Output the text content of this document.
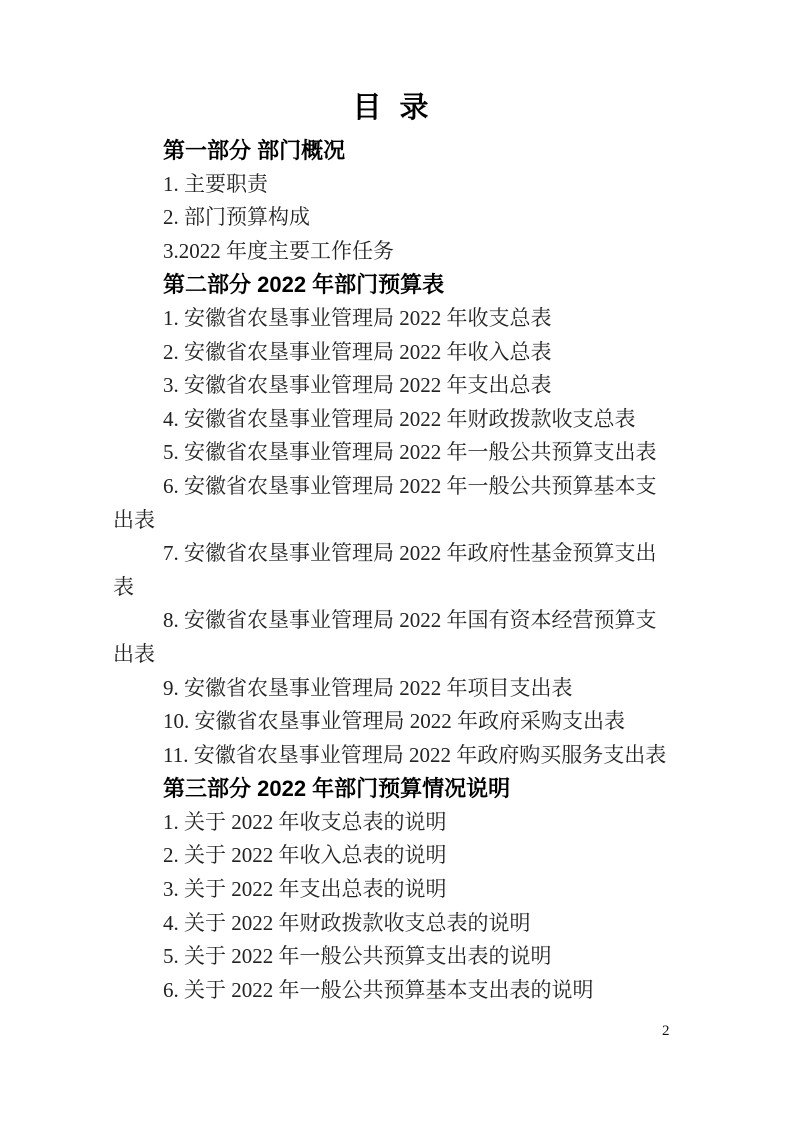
目 录

第一部分 部门概况

1. 主要职责

2. 部门预算构成

3.2022 年度主要工作任务

第二部分 2022 年部门预算表

1. 安徽省农垦事业管理局 2022 年收支总表

2. 安徽省农垦事业管理局 2022 年收入总表

3. 安徽省农垦事业管理局 2022 年支出总表

4. 安徽省农垦事业管理局 2022 年财政拨款收支总表

5. 安徽省农垦事业管理局 2022 年一般公共预算支出表

6. 安徽省农垦事业管理局 2022 年一般公共预算基本支出表

7. 安徽省农垦事业管理局 2022 年政府性基金预算支出表

8. 安徽省农垦事业管理局 2022 年国有资本经营预算支出表

9. 安徽省农垦事业管理局 2022 年项目支出表

10. 安徽省农垦事业管理局 2022 年政府采购支出表

11. 安徽省农垦事业管理局 2022 年政府购买服务支出表

第三部分 2022 年部门预算情况说明

1. 关于 2022 年收支总表的说明

2. 关于 2022 年收入总表的说明

3. 关于 2022 年支出总表的说明

4. 关于 2022 年财政拨款收支总表的说明

5. 关于 2022 年一般公共预算支出表的说明

6. 关于 2022 年一般公共预算基本支出表的说明

2
